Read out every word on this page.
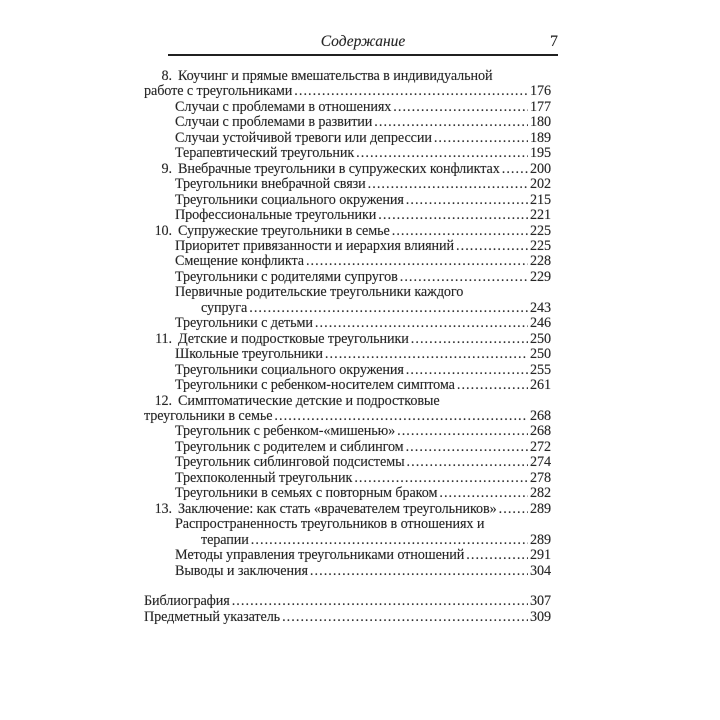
Содержание	7
8. Коучинг и прямые вмешательства в индивидуальной
работе с треугольниками .....	176
Случаи с проблемами в отношениях .....	177
Случаи с проблемами в развитии .....	180
Случаи устойчивой тревоги или депрессии .....	189
Терапевтический треугольник .....	195
9. Внебрачные треугольники в супружеских конфликтах ..... 200
Треугольники внебрачной связи .....	202
Треугольники социального окружения .....	215
Профессиональные треугольники .....	221
10. Супружеские треугольники в семье .....	225
Приоритет привязанности и иерархия влияний .....	225
Смещение конфликта .....	228
Треугольники с родителями супругов .....	229
Первичные родительские треугольники каждого
супруга .....	243
Треугольники с детьми .....	246
11. Детские и подростковые треугольники .....	250
Школьные треугольники .....	250
Треугольники социального окружения .....	255
Треугольники с ребенком-носителем симптома .....	261
12. Симптоматические детские и подростковые
треугольники в семье .....	268
Треугольник с ребенком-«мишенью» .....	268
Треугольник с родителем и сиблингом .....	272
Треугольник сиблинговой подсистемы .....	274
Трехпоколенный треугольник .....	278
Треугольники в семьях с повторным браком .....	282
13. Заключение: как стать «врачевателем треугольников» ..... 289
Распространенность треугольников в отношениях и
терапии .....	289
Методы управления треугольниками отношений .....	291
Выводы и заключения .....	304
Библиография .....	307
Предметный указатель .....	309
